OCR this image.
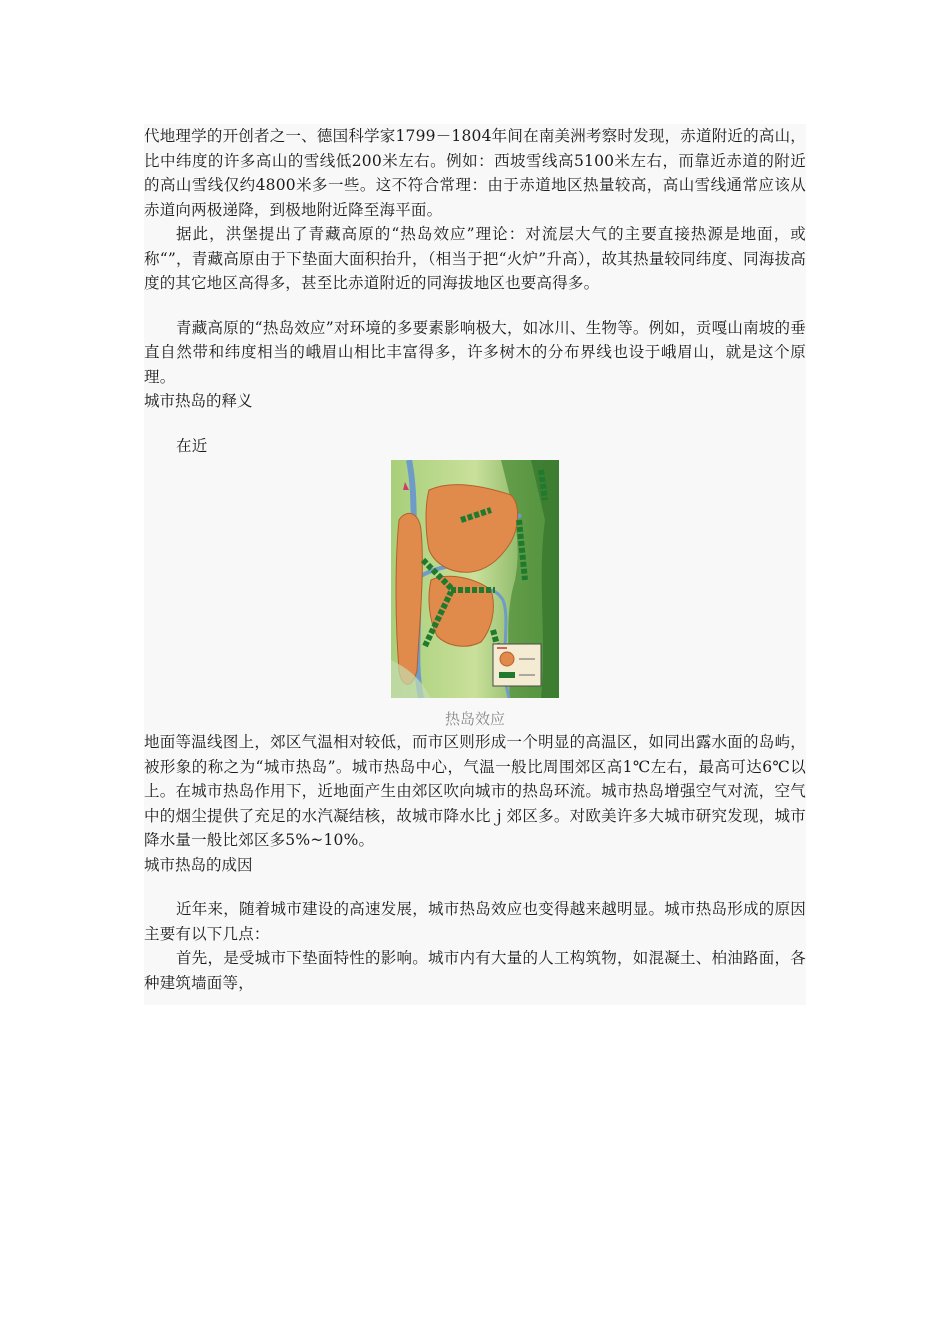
代地理学的开创者之一、德国科学家1799－1804年间在南美洲考察时发现，赤道附近的高山，比中纬度的许多高山的雪线低200米左右。例如：西坡雪线高5100米左右，而靠近赤道的附近的高山雪线仅约4800米多一些。这不符合常理：由于赤道地区热量较高，高山雪线通常应该从赤道向两极递降，到极地附近降至海平面。

据此，洪堡提出了青藏高原的“热岛效应”理论：对流层大气的主要直接热源是地面，或称“”，青藏高原由于下垫面大面积抬升，（相当于把“火炉”升高），故其热量较同纬度、同海拔高度的其它地区高得多，甚至比赤道附近的同海拔地区也要高得多。

青藏高原的“热岛效应”对环境的多要素影响极大，如冰川、生物等。例如，贡嘎山南坡的垂直自然带和纬度相当的峨眉山相比丰富得多，许多树木的分布界线也设于峨眉山，就是这个原理。

城市热岛的释义

在近

热岛效应

地面等温线图上，郊区气温相对较低，而市区则形成一个明显的高温区，如同出露水面的岛屿，被形象的称之为“城市热岛”。城市热岛中心，气温一般比周围郊区高1℃左右，最高可达6℃以上。在城市热岛作用下，近地面产生由郊区吹向城市的热岛环流。城市热岛增强空气对流，空气中的烟尘提供了充足的水汽凝结核，故城市降水比ｊ郊区多。对欧美许多大城市研究发现，城市降水量一般比郊区多5%~10%。

城市热岛的成因

近年来，随着城市建设的高速发展，城市热岛效应也变得越来越明显。城市热岛形成的原因主要有以下几点：

首先，是受城市下垫面特性的影响。城市内有大量的人工构筑物，如混凝土、柏油路面，各种建筑墙面等，
